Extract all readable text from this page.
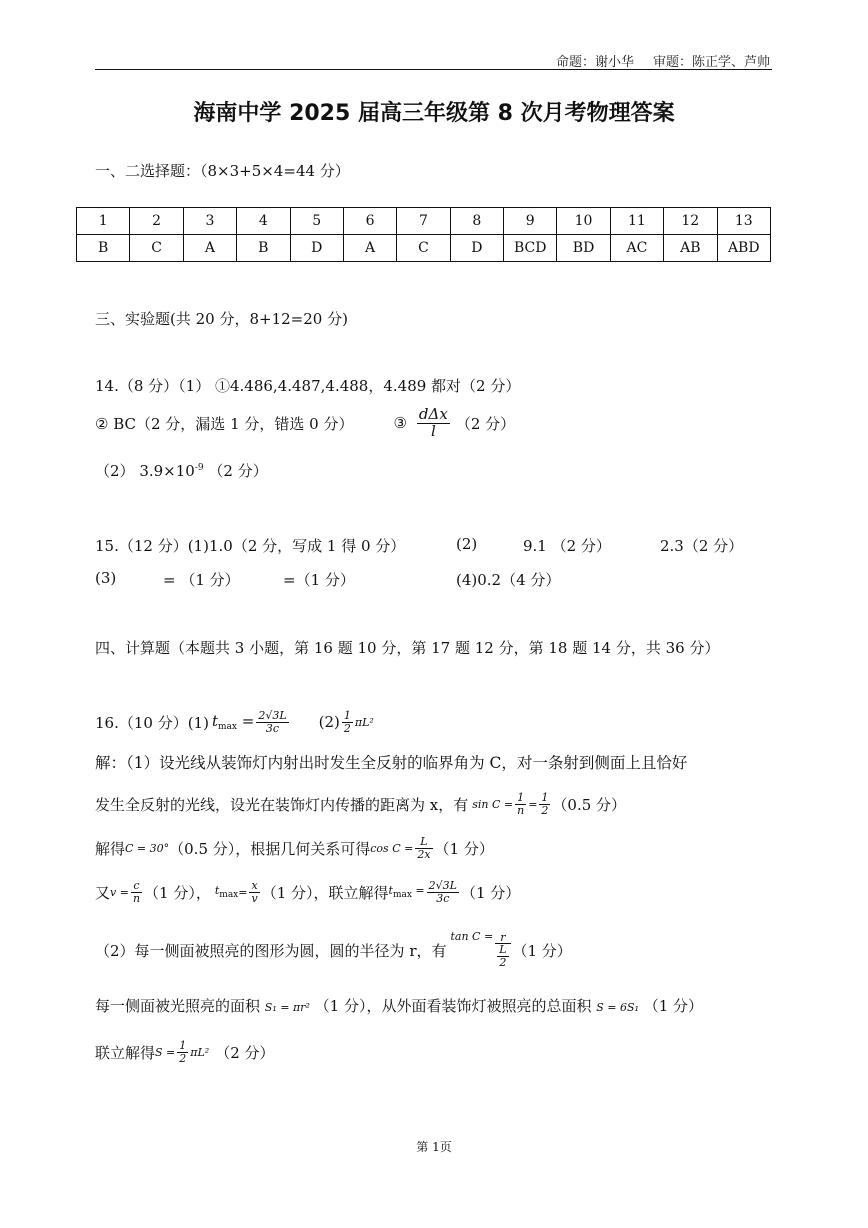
命题：谢小华 审题：陈正学、芦帅
海南中学 2025 届高三年级第 8 次月考物理答案
一、二选择题：（8×3+5×4=44 分）
1	2	3	4	5	6	7	8	9	10	11	12	13
B	C	A	B	D	A	C	D	BCD	BD	AC	AB	ABD
三、实验题(共 20 分，8+12=20 分)
14.（8 分）（1） ①4.486,4.487,4.488，4.489 都对（2 分）
② BC（2 分，漏选 1 分，错选 0 分）	③ $\frac{\text{dΔx}}{l} (2$ 分）
（2） $3.9\times 10^{-9}$ （2 分）
15.（12 分）(1)1.0（2 分，写成 1 得 0 分）	(2)	9.1 （2 分）	2.3（2 分）
(3)	= （1 分）	=（1 分）	(4)0.2（4 分）
四、计算题（本题共 3 小题，第 16 题 10 分，第 17 题 12 分，第 18 题 14 分，共 36 分）
16.（10 分）(1) $t_{max} = \frac{2√3L}{3c} (2) \frac{1}{2} \pi L^2$
解：（1）设光线从装饰灯内射出时发生全反射的临界角为 C，对一条射到侧面上且恰好
发生全反射的光线，设光在装饰灯内传播的距离为 x，有 $\sin C = \frac{1}{n} = \frac{1}{2} (0.5$ 分）
解得 C = 30° （0.5 分），根据几何关系可得 $\cos C = \frac{L}{2x} (1$ 分）
又 $v = \frac{c}{n} (1$ 分）， $t_{max} = \frac{x}{v} (1$ 分），联立解得 $t_{max} = \frac{2√3L}{3c} (1$ 分）
（2）每一侧面被照亮的图形为圆，圆的半径为 r，有
tan C = r
L
2 （1 分）
每一侧面被光照亮的面积 S₁ = πr² （1 分），从外面看装饰灯被照亮的总面积 S = 6S₁ （1 分）
联立解得 $S = \frac{1}{2} \pi L^2$ （2 分）
第 1页
